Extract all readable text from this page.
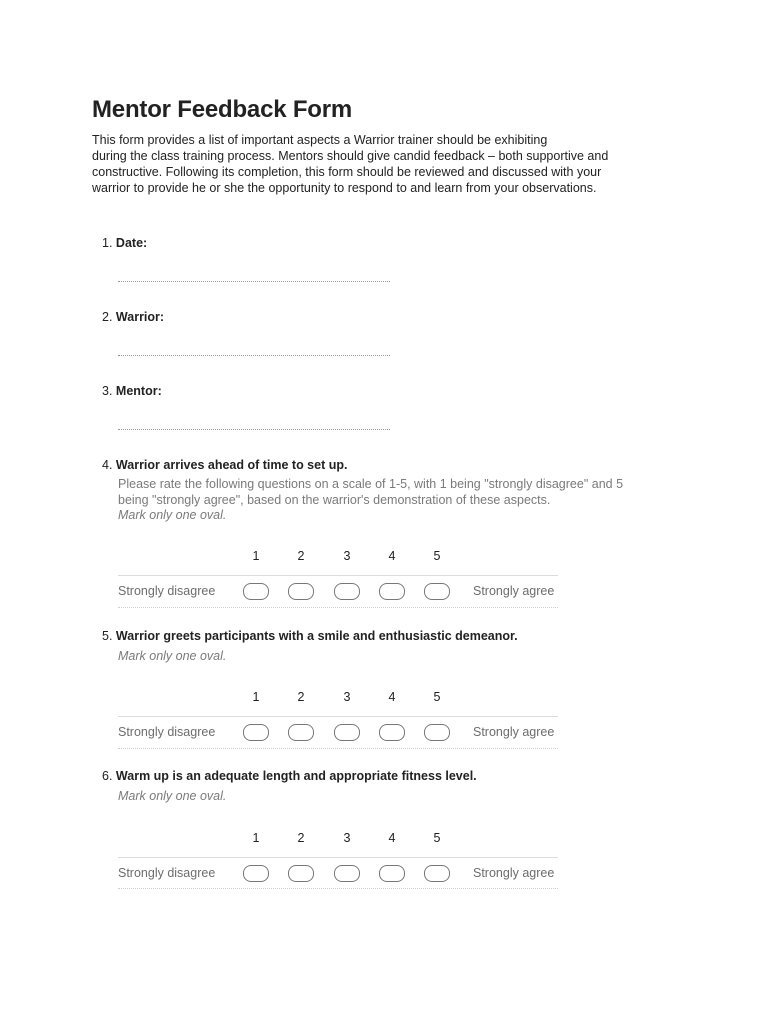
Mentor Feedback Form
This form provides a list of important aspects a Warrior trainer should be exhibiting
during the class training process. Mentors should give candid feedback – both supportive and
constructive. Following its completion, this form should be reviewed and discussed with your
warrior to provide he or she the opportunity to respond to and learn from your observations.
1. Date:
2. Warrior:
3. Mentor:
4. Warrior arrives ahead of time to set up.
Please rate the following questions on a scale of 1-5, with 1 being "strongly disagree" and 5
being "strongly agree", based on the warrior's demonstration of these aspects.
Mark only one oval.
1	2	3	4	5
Strongly disagree	Strongly agree
5. Warrior greets participants with a smile and enthusiastic demeanor.
Mark only one oval.
1	2	3	4	5
Strongly disagree	Strongly agree
6. Warm up is an adequate length and appropriate fitness level.
Mark only one oval.
1	2	3	4	5
Strongly disagree	Strongly agree
